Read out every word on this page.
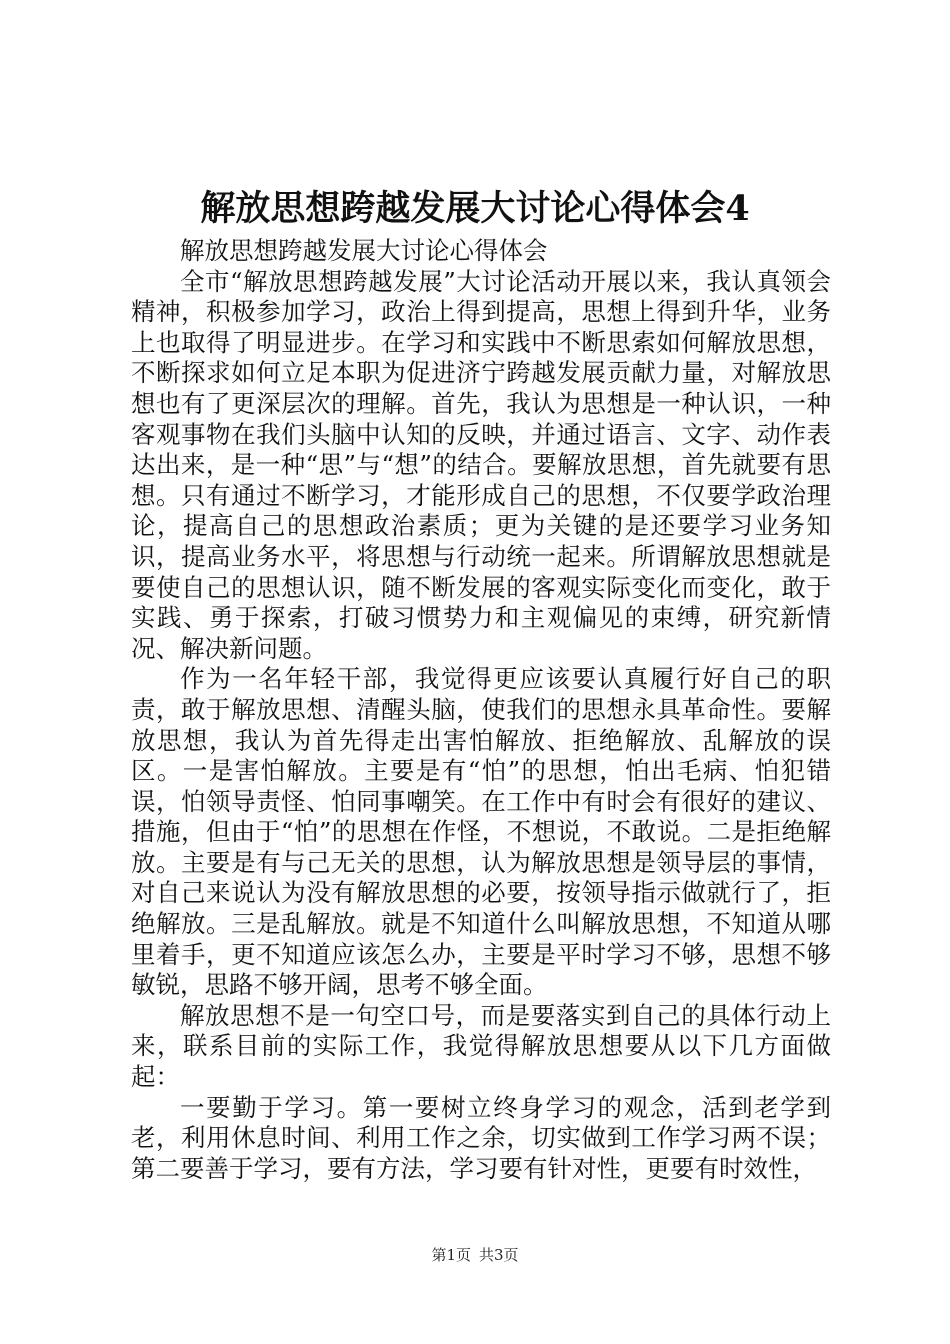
解放思想跨越发展大讨论心得体会4

解放思想跨越发展大讨论心得体会

全市“解放思想跨越发展”大讨论活动开展以来，我认真领会精神，积极参加学习，政治上得到提高，思想上得到升华，业务上也取得了明显进步。在学习和实践中不断思索如何解放思想，不断探求如何立足本职为促进济宁跨越发展贡献力量，对解放思想也有了更深层次的理解。首先，我认为思想是一种认识，一种客观事物在我们头脑中认知的反映，并通过语言、文字、动作表达出来，是一种“思”与“想”的结合。要解放思想，首先就要有思想。只有通过不断学习，才能形成自己的思想，不仅要学政治理论，提高自己的思想政治素质；更为关键的是还要学习业务知识，提高业务水平，将思想与行动统一起来。所谓解放思想就是要使自己的思想认识，随不断发展的客观实际变化而变化，敢于实践、勇于探索，打破习惯势力和主观偏见的束缚，研究新情况、解决新问题。

作为一名年轻干部，我觉得更应该要认真履行好自己的职责，敢于解放思想、清醒头脑，使我们的思想永具革命性。要解放思想，我认为首先得走出害怕解放、拒绝解放、乱解放的误区。一是害怕解放。主要是有“怕”的思想，怕出毛病、怕犯错误，怕领导责怪、怕同事嘲笑。在工作中有时会有很好的建议、措施，但由于“怕”的思想在作怪，不想说，不敢说。二是拒绝解放。主要是有与己无关的思想，认为解放思想是领导层的事情，对自己来说认为没有解放思想的必要，按领导指示做就行了，拒绝解放。三是乱解放。就是不知道什么叫解放思想，不知道从哪里着手，更不知道应该怎么办，主要是平时学习不够，思想不够敏锐，思路不够开阔，思考不够全面。

解放思想不是一句空口号，而是要落实到自己的具体行动上来，联系目前的实际工作，我觉得解放思想要从以下几方面做起：

一要勤于学习。第一要树立终身学习的观念，活到老学到老，利用休息时间、利用工作之余，切实做到工作学习两不误；第二要善于学习，要有方法，学习要有针对性，更要有时效性，

第1页 共3页
